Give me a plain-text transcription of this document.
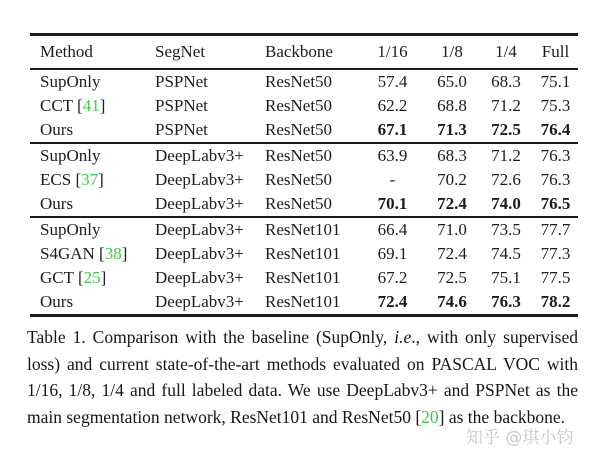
Method	SegNet	Backbone	1/16	1/8	1/4	Full
SupOnly	PSPNet	ResNet50	57.4	65.0	68.3	75.1
CCT [41]	PSPNet	ResNet50	62.2	68.8	71.2	75.3
Ours	PSPNet	ResNet50	67.1	71.3	72.5	76.4
SupOnly	DeepLabv3+	ResNet50	63.9	68.3	71.2	76.3
ECS [37]	DeepLabv3+	ResNet50	-	70.2	72.6	76.3
Ours	DeepLabv3+	ResNet50	70.1	72.4	74.0	76.5
SupOnly	DeepLabv3+	ResNet101	66.4	71.0	73.5	77.7
S4GAN [38]	DeepLabv3+	ResNet101	69.1	72.4	74.5	77.3
GCT [25]	DeepLabv3+	ResNet101	67.2	72.5	75.1	77.5
Ours	DeepLabv3+	ResNet101	72.4	74.6	76.3	78.2
Table 1. Comparison with the baseline (SupOnly, i.e., with only supervised loss) and current state-of-the-art methods evaluated on PASCAL VOC with 1/16, 1/8, 1/4 and full labeled data. We use DeepLabv3+ and PSPNet as the main segmentation network, ResNet101 and ResNet50 [20] as the backbone.
知乎 @琪小钧
